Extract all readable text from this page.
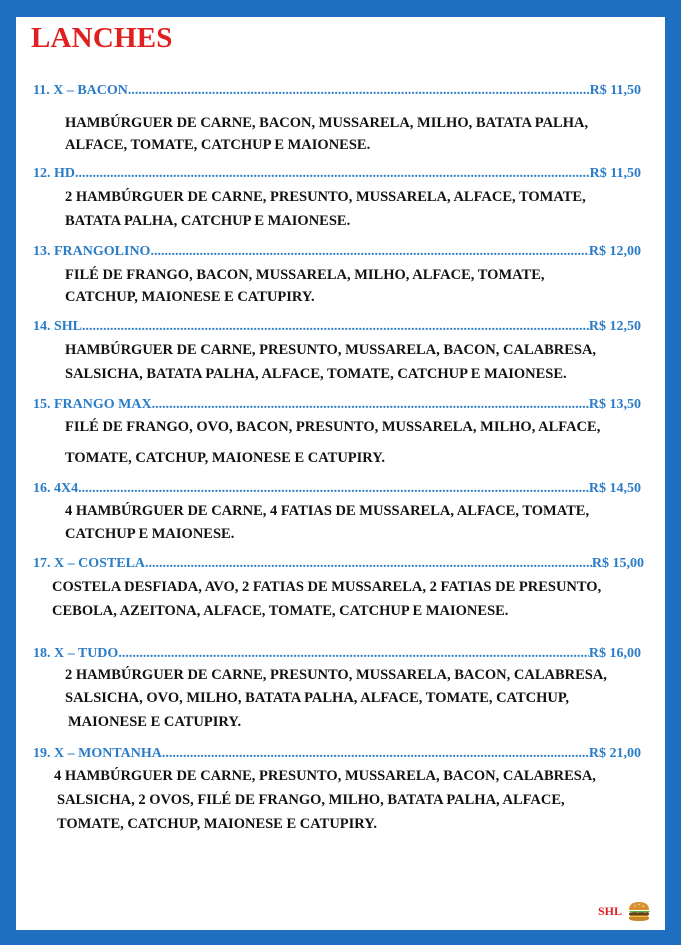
LANCHES
11. X – BACON .....	R$ 11,50
HAMBÚRGUER DE CARNE, BACON, MUSSARELA, MILHO, BATATA PALHA,
ALFACE, TOMATE, CATCHUP E MAIONESE.
12. HD .....	R$ 11,50
2 HAMBÚRGUER DE CARNE, PRESUNTO, MUSSARELA, ALFACE, TOMATE,
BATATA PALHA, CATCHUP E MAIONESE.
13. FRANGOLINO .....	R$ 12,00
FILÉ DE FRANGO, BACON, MUSSARELA, MILHO, ALFACE, TOMATE,
CATCHUP, MAIONESE E CATUPIRY.
14. SHL .....	R$ 12,50
HAMBÚRGUER DE CARNE, PRESUNTO, MUSSARELA, BACON, CALABRESA,
SALSICHA, BATATA PALHA, ALFACE, TOMATE, CATCHUP E MAIONESE.
15. FRANGO MAX .....	R$ 13,50
FILÉ DE FRANGO, OVO, BACON, PRESUNTO, MUSSARELA, MILHO, ALFACE,
TOMATE, CATCHUP, MAIONESE E CATUPIRY.
16. 4X4 .....	R$ 14,50
4 HAMBÚRGUER DE CARNE, 4 FATIAS DE MUSSARELA, ALFACE, TOMATE,
CATCHUP E MAIONESE.
17. X – COSTELA .....	R$ 15,00
COSTELA DESFIADA, AVO, 2 FATIAS DE MUSSARELA, 2 FATIAS DE PRESUNTO,
CEBOLA, AZEITONA, ALFACE, TOMATE, CATCHUP E MAIONESE.
18. X – TUDO .....	R$ 16,00
2 HAMBÚRGUER DE CARNE, PRESUNTO, MUSSARELA, BACON, CALABRESA,
SALSICHA, OVO, MILHO, BATATA PALHA, ALFACE, TOMATE, CATCHUP,
MAIONESE E CATUPIRY.
19. X – MONTANHA .....	R$ 21,00
4 HAMBÚRGUER DE CARNE, PRESUNTO, MUSSARELA, BACON, CALABRESA,
SALSICHA, 2 OVOS, FILÉ DE FRANGO, MILHO, BATATA PALHA, ALFACE,
TOMATE, CATCHUP, MAIONESE E CATUPIRY.
SHL
